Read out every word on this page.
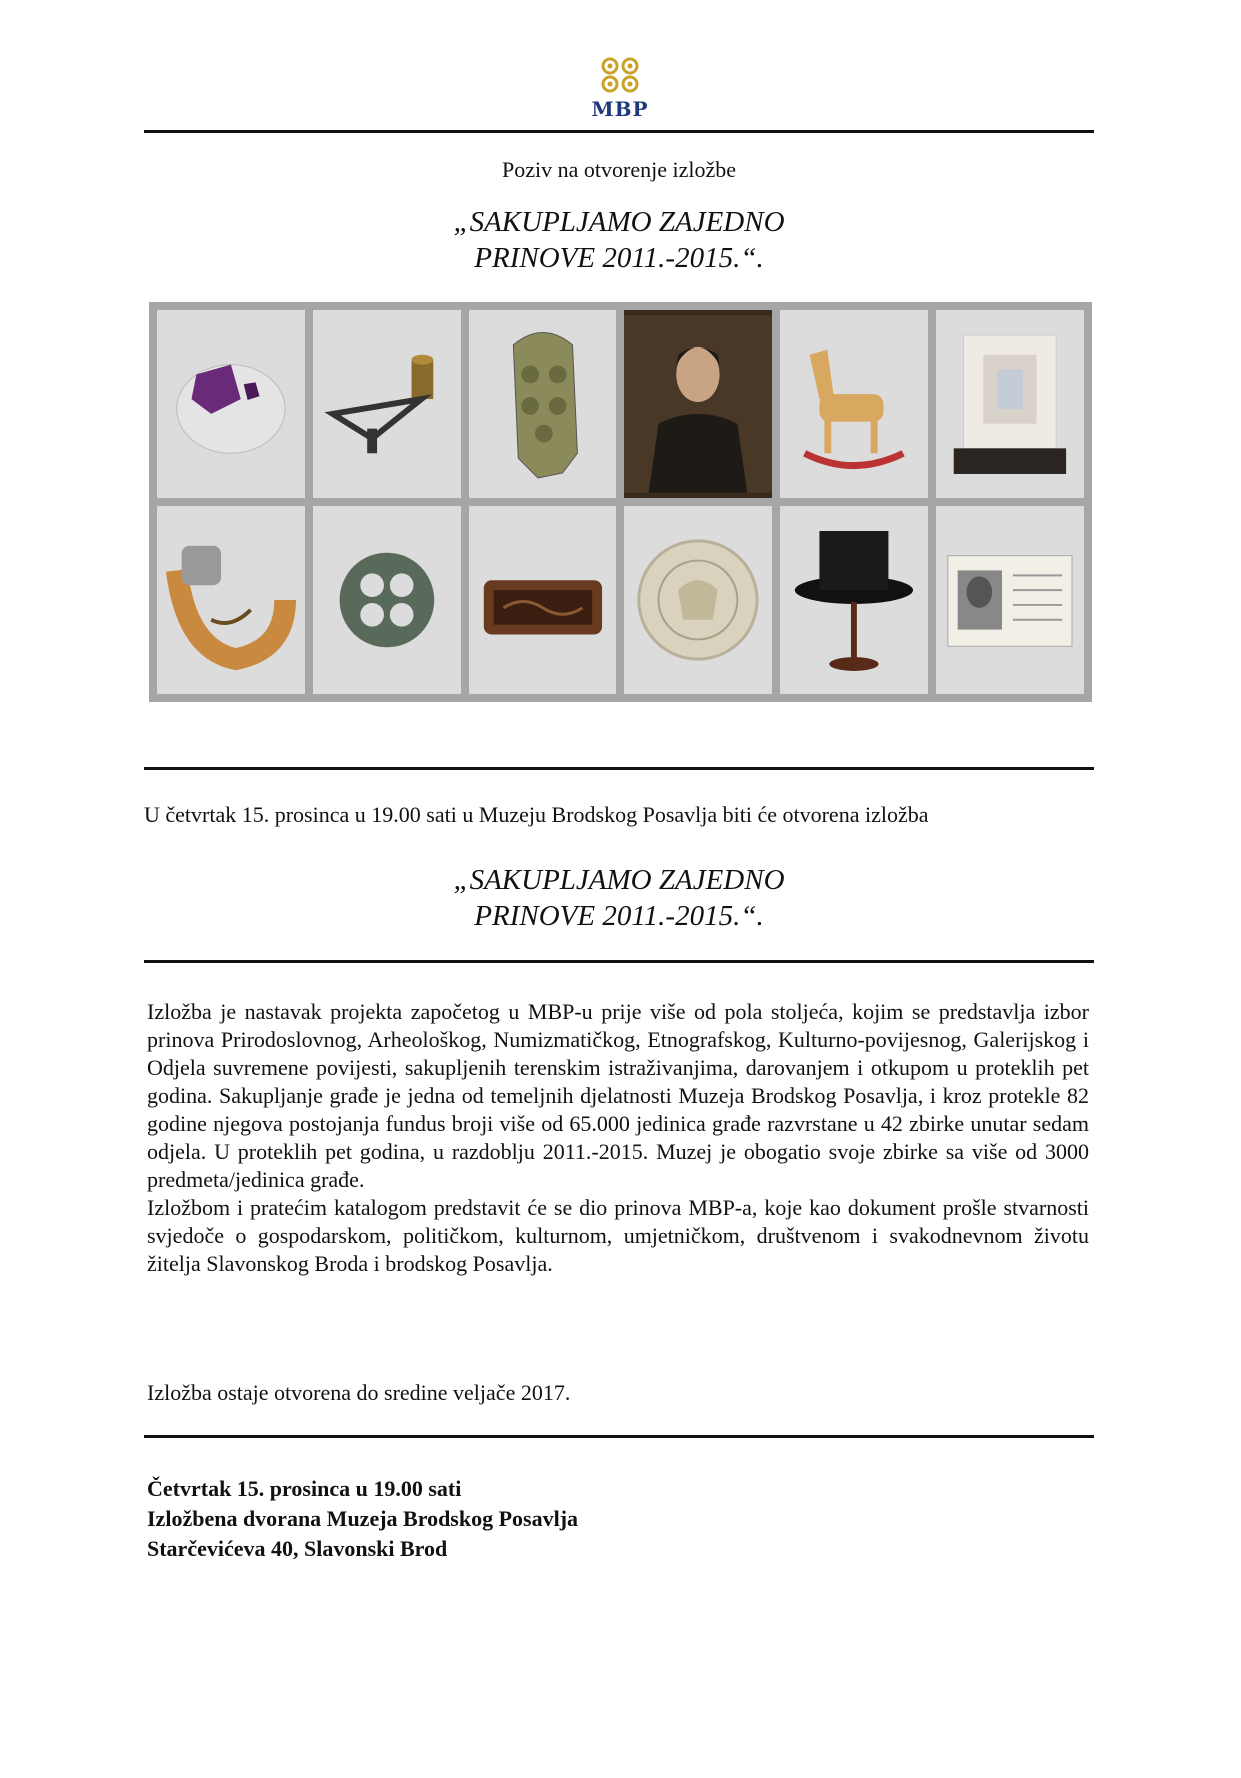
MBP
Poziv na otvorenje izložbe
„SAKUPLJAMO ZAJEDNO
PRINOVE 2011.-2015.“.
U četvrtak 15. prosinca u 19.00 sati u Muzeju Brodskog Posavlja biti će otvorena izložba
„SAKUPLJAMO ZAJEDNO
PRINOVE 2011.-2015.“.

Izložba je nastavak projekta započetog u MBP-u prije više od pola stoljeća, kojim se predstavlja izbor prinova Prirodoslovnog, Arheološkog, Numizmatičkog, Etnografskog, Kulturno-povijesnog, Galerijskog i Odjela suvremene povijesti, sakupljenih terenskim istraživanjima, darovanjem i otkupom u proteklih pet godina. Sakupljanje građe je jedna od temeljnih djelatnosti Muzeja Brodskog Posavlja, i kroz protekle 82 godine njegova postojanja fundus broji više od 65.000 jedinica građe razvrstane u 42 zbirke unutar sedam odjela. U proteklih pet godina, u razdoblju 2011.-2015. Muzej je obogatio svoje zbirke sa više od 3000 predmeta/jedinica građe.

Izložbom i pratećim katalogom predstavit će se dio prinova MBP-a, koje kao dokument prošle stvarnosti svjedoče o gospodarskom, političkom, kulturnom, umjetničkom, društvenom i svakodnevnom životu žitelja Slavonskog Broda i brodskog Posavlja.

Izložba ostaje otvorena do sredine veljače 2017.
Četvrtak 15. prosinca u 19.00 sati
Izložbena dvorana Muzeja Brodskog Posavlja
Starčevićeva 40, Slavonski Brod
